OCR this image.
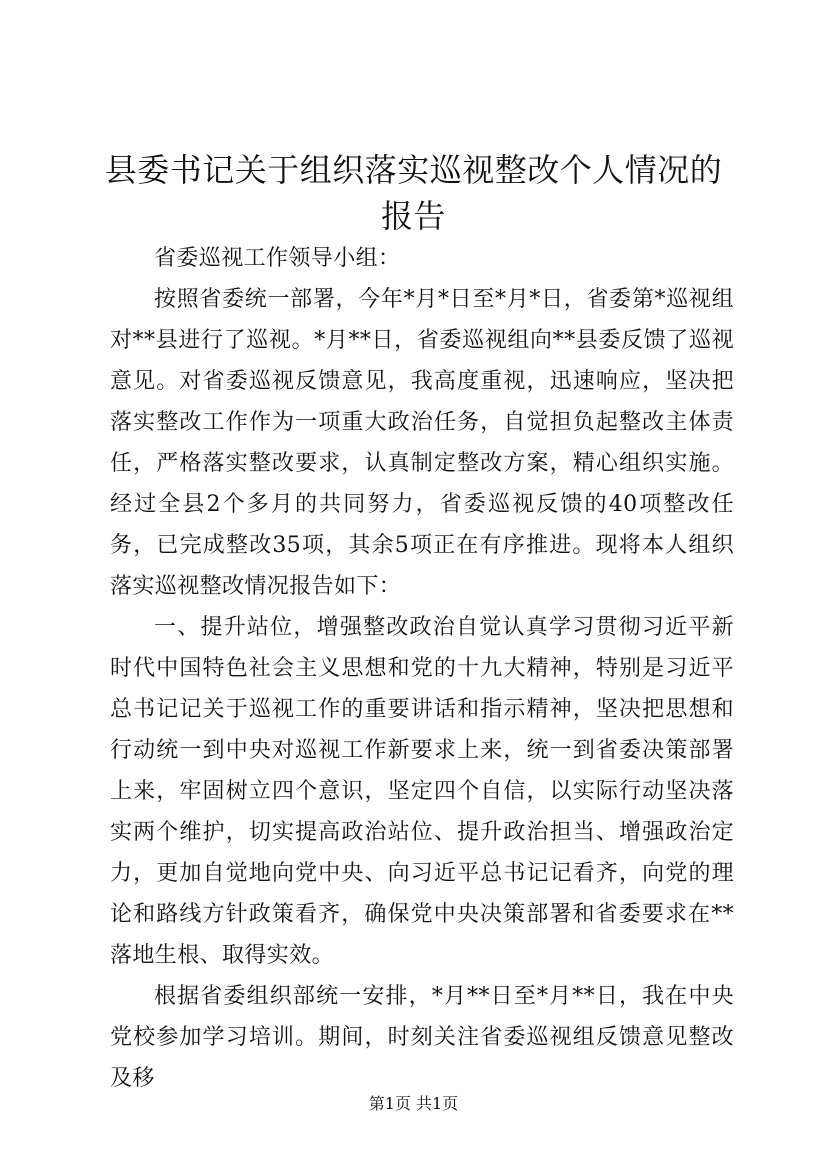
县委书记关于组织落实巡视整改个人情况的报告

省委巡视工作领导小组：

按照省委统一部署，今年*月*日至*月*日，省委第*巡视组对**县进行了巡视。*月**日，省委巡视组向**县委反馈了巡视意见。对省委巡视反馈意见，我高度重视，迅速响应，坚决把落实整改工作作为一项重大政治任务，自觉担负起整改主体责任，严格落实整改要求，认真制定整改方案，精心组织实施。经过全县2个多月的共同努力，省委巡视反馈的40项整改任务，已完成整改35项，其余5项正在有序推进。现将本人组织落实巡视整改情况报告如下：

一、提升站位，增强整改政治自觉认真学习贯彻习近平新时代中国特色社会主义思想和党的十九大精神，特别是习近平总书记记关于巡视工作的重要讲话和指示精神，坚决把思想和行动统一到中央对巡视工作新要求上来，统一到省委决策部署上来，牢固树立四个意识，坚定四个自信，以实际行动坚决落实两个维护，切实提高政治站位、提升政治担当、增强政治定力，更加自觉地向党中央、向习近平总书记记看齐，向党的理论和路线方针政策看齐，确保党中央决策部署和省委要求在**落地生根、取得实效。

根据省委组织部统一安排，*月**日至*月**日，我在中央党校参加学习培训。期间，时刻关注省委巡视组反馈意见整改及移

第1页 共1页
